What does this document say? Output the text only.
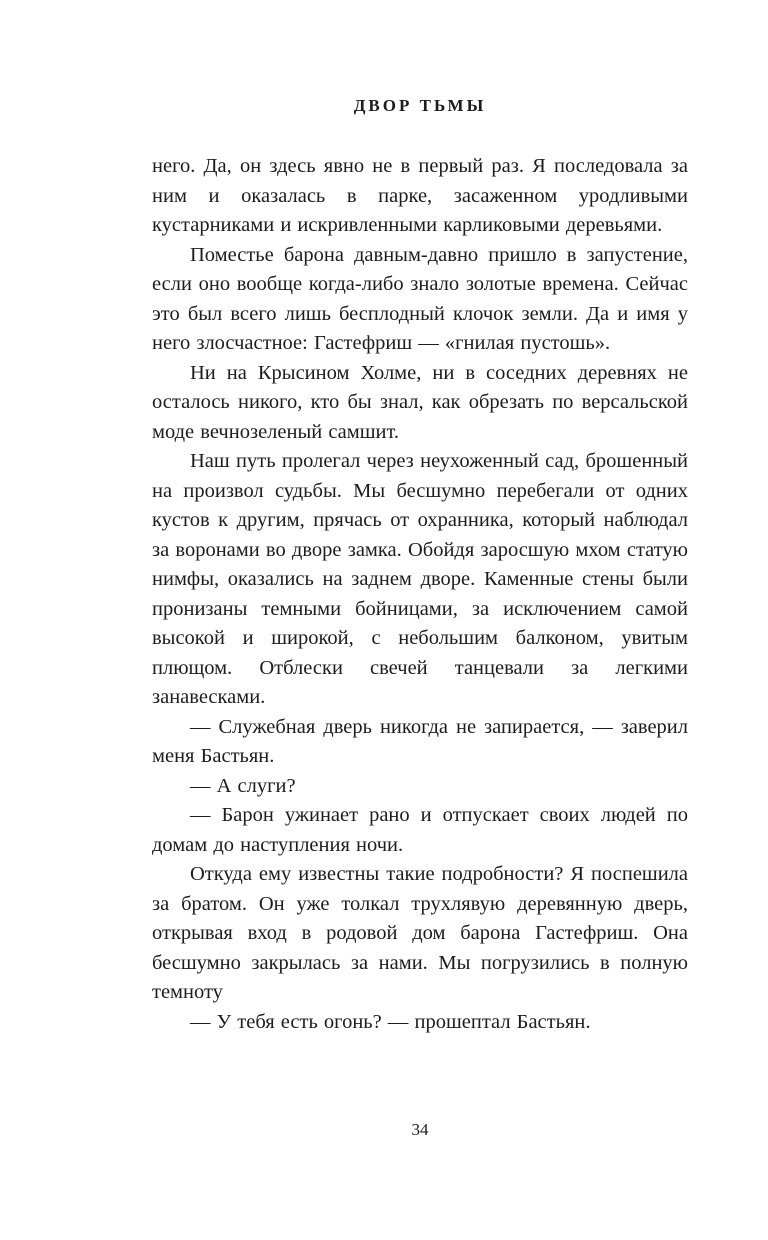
ДВОР ТЬМЫ

него. Да, он здесь явно не в первый раз. Я последовала за ним и оказалась в парке, засаженном уродливыми кустарниками и искривленными карликовыми деревьями.

Поместье барона давным-давно пришло в запустение, если оно вообще когда-либо знало золотые времена. Сейчас это был всего лишь бесплодный клочок земли. Да и имя у него злосчастное: Гастефриш — «гнилая пустошь».

Ни на Крысином Холме, ни в соседних деревнях не осталось никого, кто бы знал, как обрезать по версальской моде вечнозеленый самшит.

Наш путь пролегал через неухоженный сад, брошенный на произвол судьбы. Мы бесшумно перебегали от одних кустов к другим, прячась от охранника, который наблюдал за воронами во дворе замка. Обойдя заросшую мхом статую нимфы, оказались на заднем дворе. Каменные стены были пронизаны темными бойницами, за исключением самой высокой и широкой, с небольшим балконом, увитым плющом. Отблески свечей танцевали за легкими занавесками.

— Служебная дверь никогда не запирается, — заверил меня Бастьян.

— А слуги?

— Барон ужинает рано и отпускает своих людей по домам до наступления ночи.

Откуда ему известны такие подробности? Я поспешила за братом. Он уже толкал трухлявую деревянную дверь, открывая вход в родовой дом барона Гастефриш. Она бесшумно закрылась за нами. Мы погрузились в полную темноту

— У тебя есть огонь? — прошептал Бастьян.

34
